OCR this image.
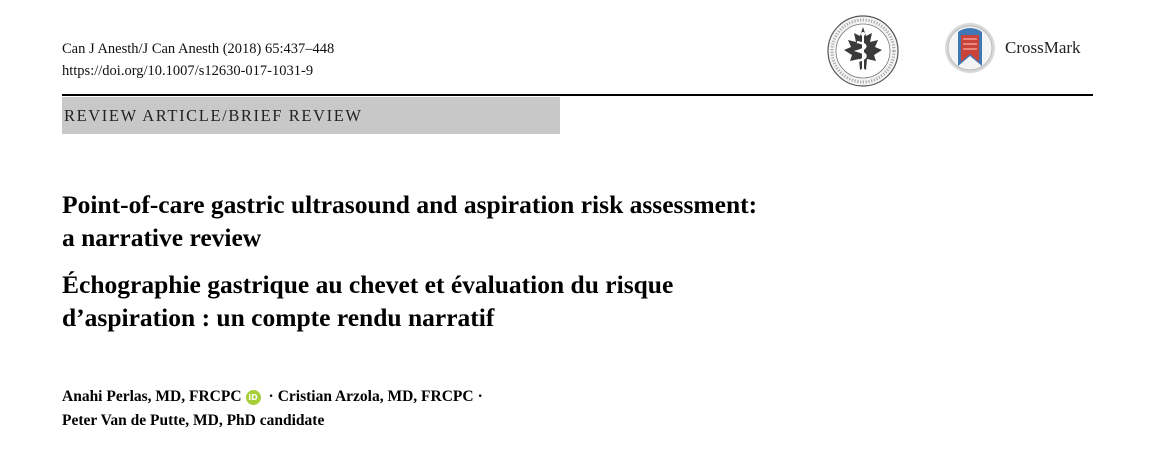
Can J Anesth/J Can Anesth (2018) 65:437–448
https://doi.org/10.1007/s12630-017-1031-9
CrossMark
REVIEW ARTICLE/BRIEF REVIEW
Point-of-care gastric ultrasound and aspiration risk assessment:
a narrative review
Échographie gastrique au chevet et évaluation du risque
d’aspiration : un compte rendu narratif
Anahi Perlas, MD, FRCPC iD · Cristian Arzola, MD, FRCPC ·
Peter Van de Putte, MD, PhD candidate
